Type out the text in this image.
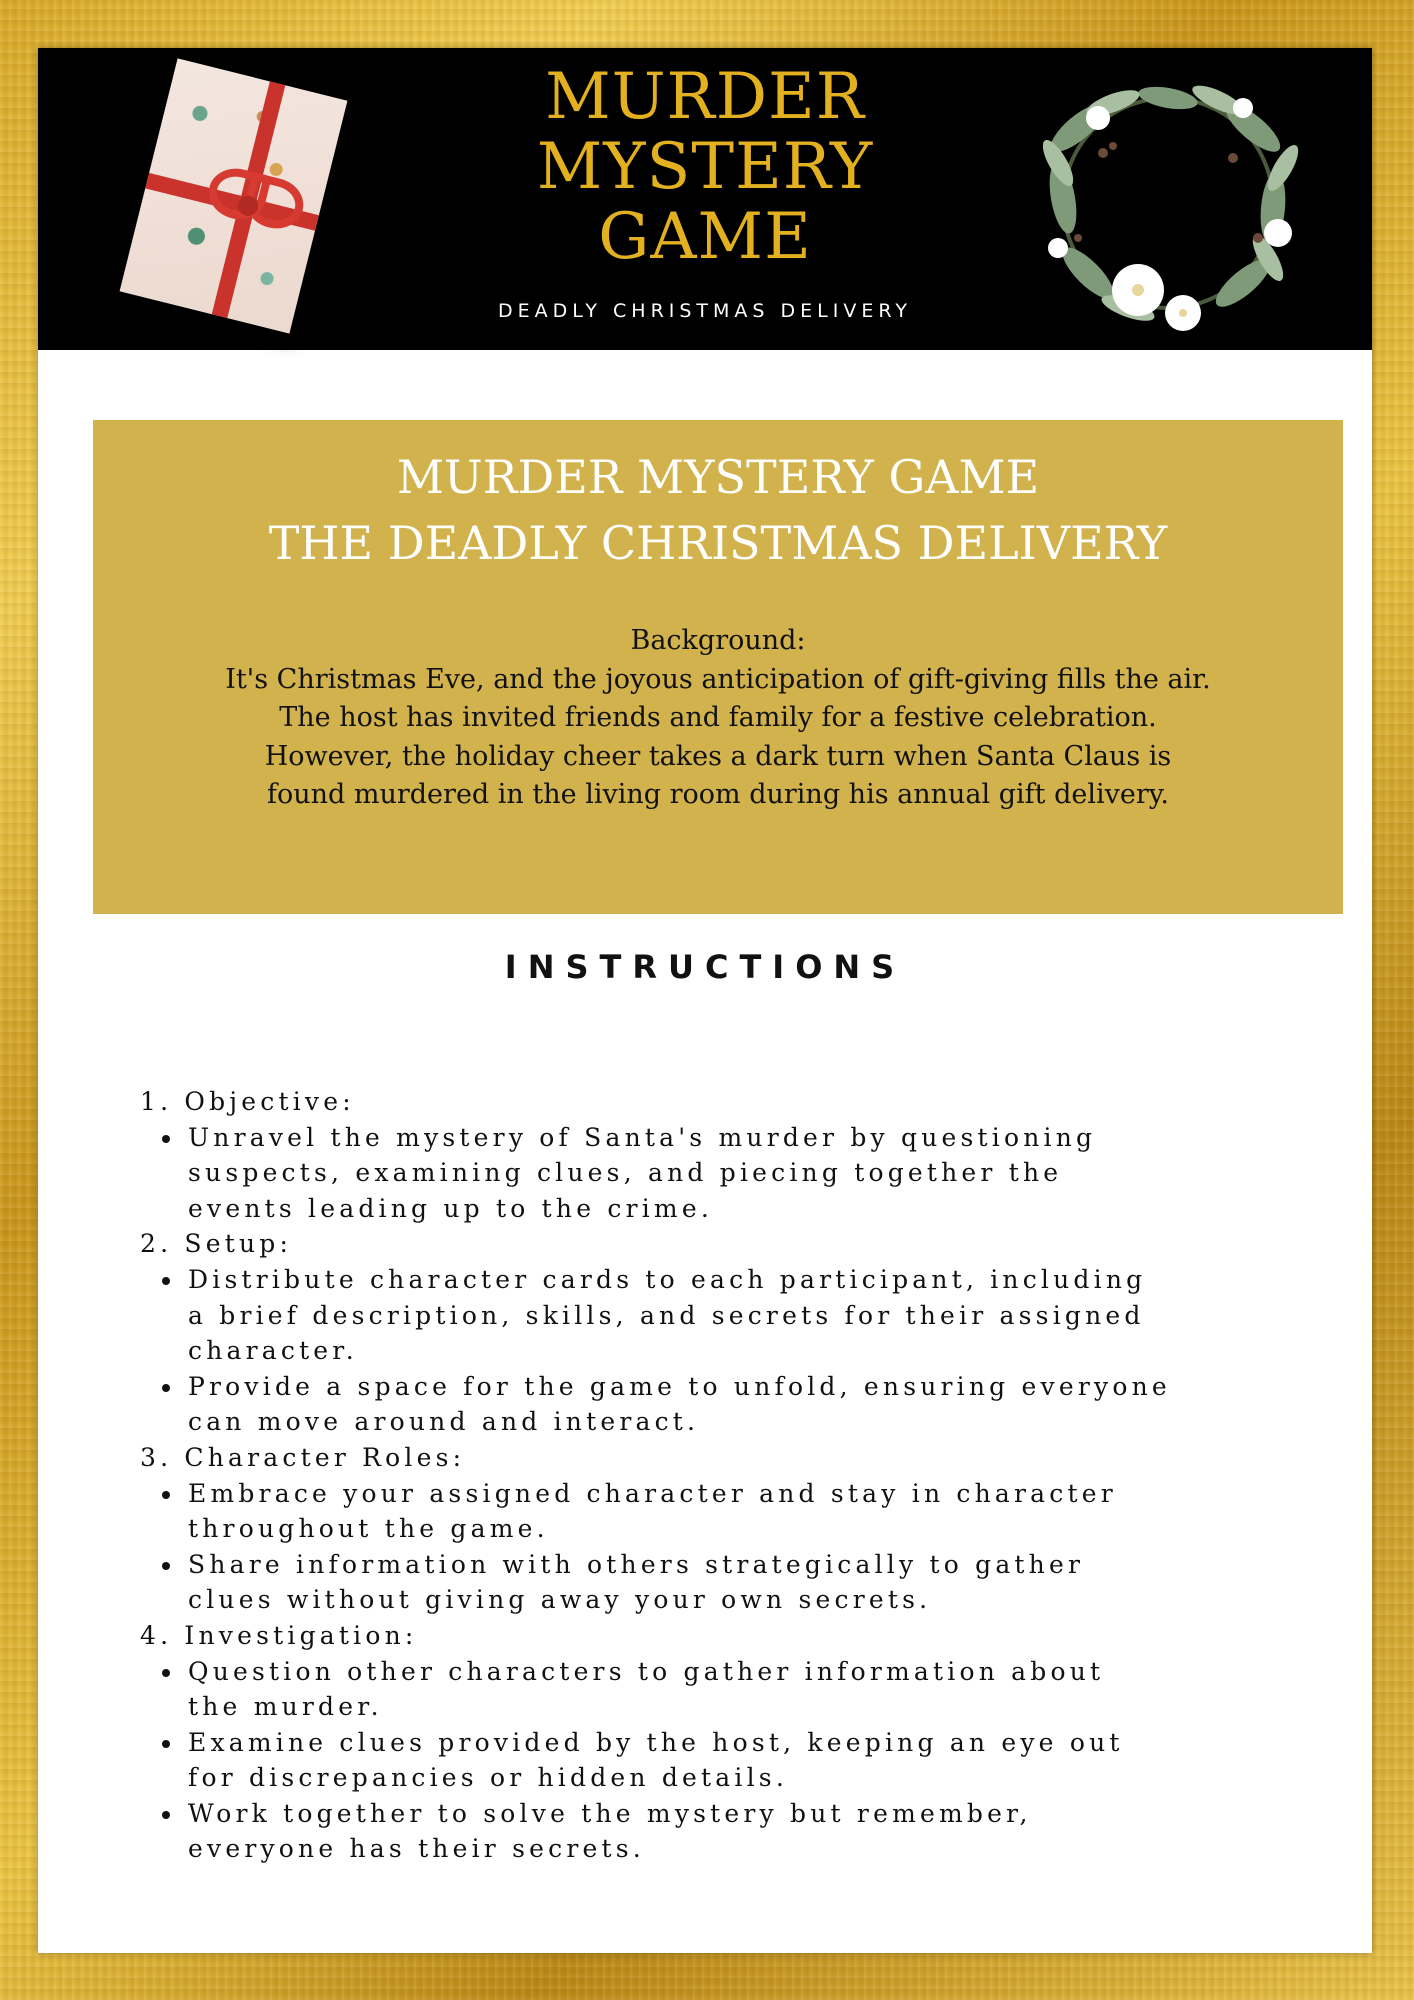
MURDER
MYSTERY
GAME
DEADLY CHRISTMAS DELIVERY
MURDER MYSTERY GAME
THE DEADLY CHRISTMAS DELIVERY
Background:
It's Christmas Eve, and the joyous anticipation of gift-giving fills the air.
The host has invited friends and family for a festive celebration.
However, the holiday cheer takes a dark turn when Santa Claus is
found murdered in the living room during his annual gift delivery.
INSTRUCTIONS
1. Objective:
Unravel the mystery of Santa's murder by questioning
suspects, examining clues, and piecing together the
events leading up to the crime.
2. Setup:
Distribute character cards to each participant, including
a brief description, skills, and secrets for their assigned
character.
Provide a space for the game to unfold, ensuring everyone
can move around and interact.
3. Character Roles:
Embrace your assigned character and stay in character
throughout the game.
Share information with others strategically to gather
clues without giving away your own secrets.
4. Investigation:
Question other characters to gather information about
the murder.
Examine clues provided by the host, keeping an eye out
for discrepancies or hidden details.
Work together to solve the mystery but remember,
everyone has their secrets.
